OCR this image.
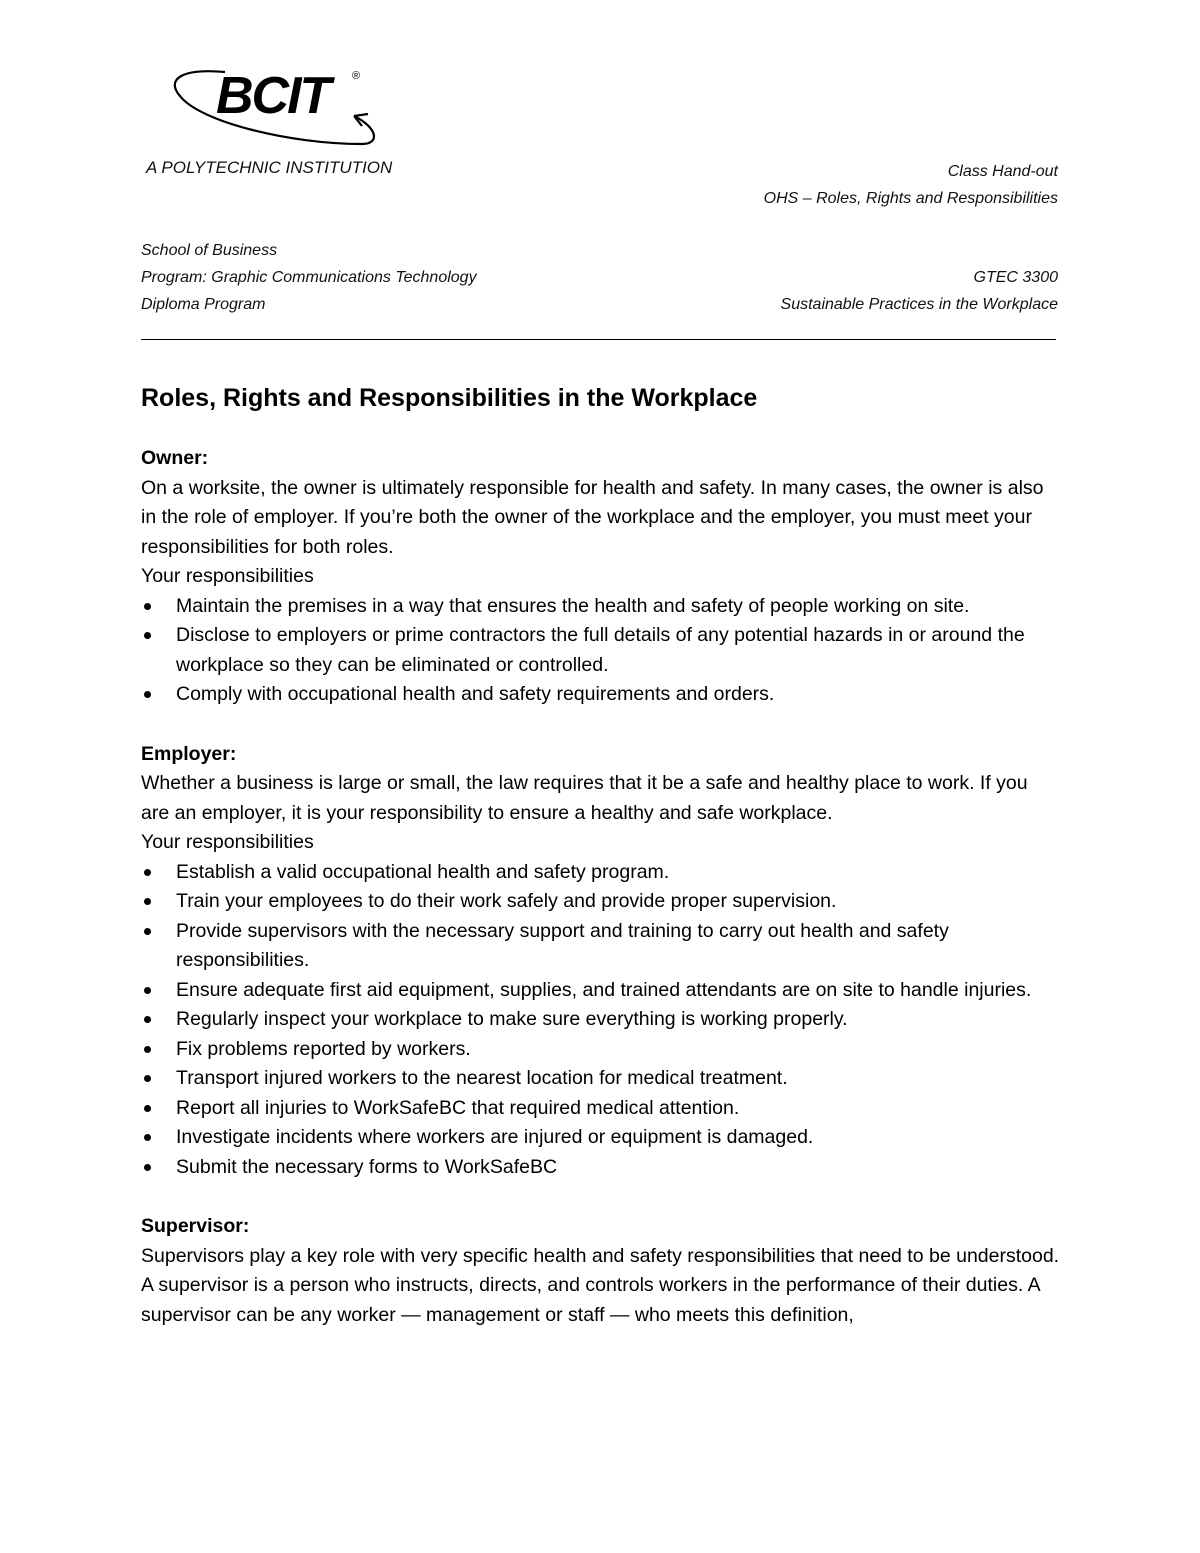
BCIT ®
A POLYTECHNIC INSTITUTION	Class Hand-out
OHS – Roles, Rights and Responsibilities
School of Business
Program: Graphic Communications Technology
Diploma Program
GTEC 3300
Sustainable Practices in the Workplace
Roles, Rights and Responsibilities in the Workplace

Owner:

On a worksite, the owner is ultimately responsible for health and safety. In many cases, the owner is also in the role of employer. If you’re both the owner of the workplace and the employer, you must meet your responsibilities for both roles.

Your responsibilities

Maintain the premises in a way that ensures the health and safety of people working on site.
Disclose to employers or prime contractors the full details of any potential hazards in or around the workplace so they can be eliminated or controlled.
Comply with occupational health and safety requirements and orders.

Employer:

Whether a business is large or small, the law requires that it be a safe and healthy place to work. If you are an employer, it is your responsibility to ensure a healthy and safe workplace.

Your responsibilities

Establish a valid occupational health and safety program.
Train your employees to do their work safely and provide proper supervision.
Provide supervisors with the necessary support and training to carry out health and safety responsibilities.
Ensure adequate first aid equipment, supplies, and trained attendants are on site to handle injuries.
Regularly inspect your workplace to make sure everything is working properly.
Fix problems reported by workers.
Transport injured workers to the nearest location for medical treatment.
Report all injuries to WorkSafeBC that required medical attention.
Investigate incidents where workers are injured or equipment is damaged.
Submit the necessary forms to WorkSafeBC

Supervisor:

Supervisors play a key role with very specific health and safety responsibilities that need to be understood.

A supervisor is a person who instructs, directs, and controls workers in the performance of their duties. A supervisor can be any worker — management or staff — who meets this definition,
